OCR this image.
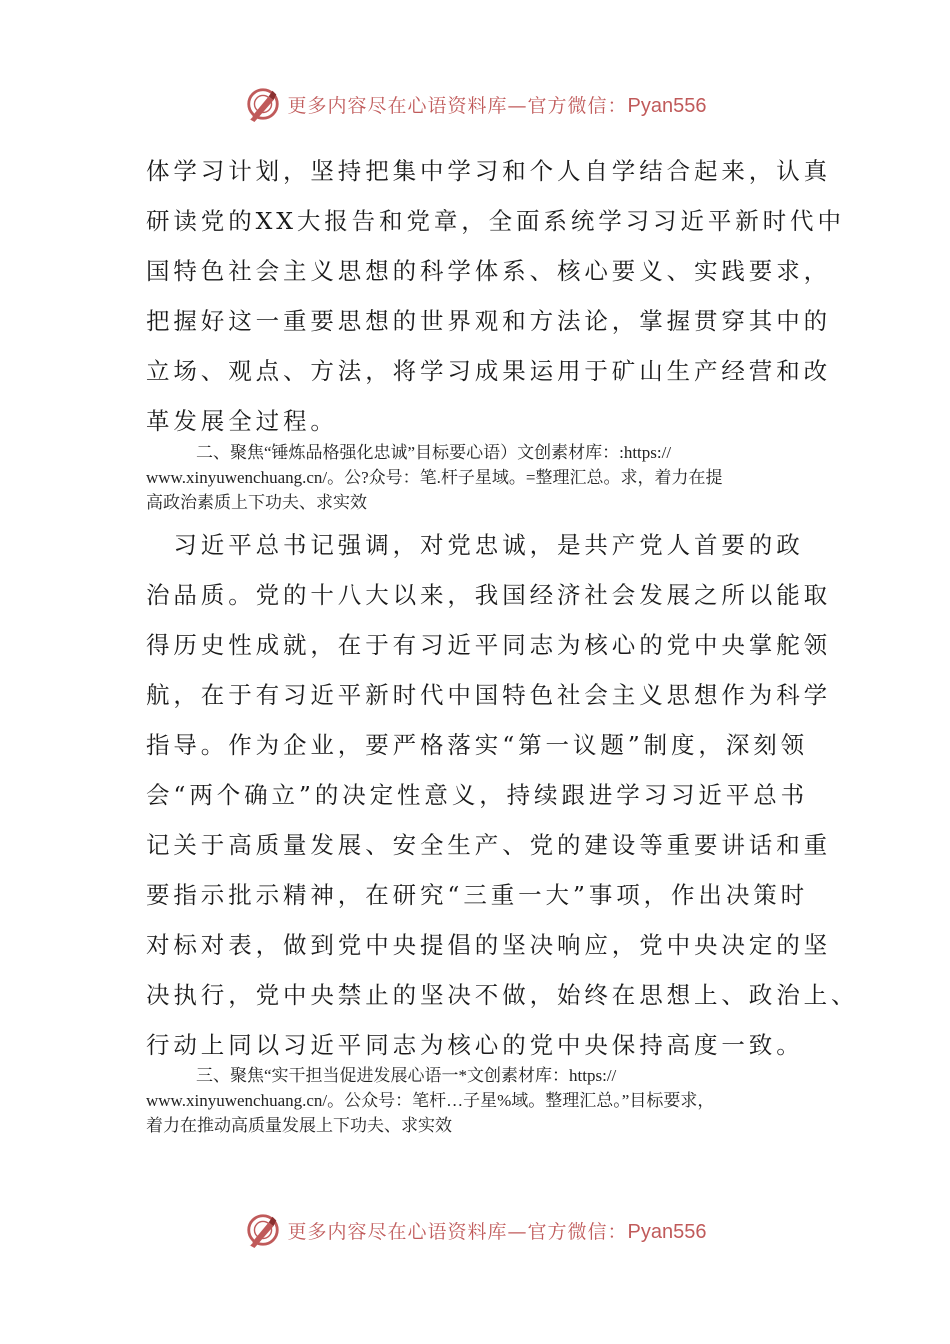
更多内容尽在心语资料库—官方微信：Pyan556
体学习计划，坚持把集中学习和个人自学结合起来，认真
研读党的XX大报告和党章，全面系统学习习近平新时代中
国特色社会主义思想的科学体系、核心要义、实践要求，
把握好这一重要思想的世界观和方法论，掌握贯穿其中的
立场、观点、方法，将学习成果运用于矿山生产经营和改
革发展全过程。
二、聚焦“锤炼品格强化忠诚”目标要心语）文创素材库：:https://
www.xinyuwenchuang.cn/。公?众号：笔.杆子星域。=整理汇总。求，着力在提
高政治素质上下功夫、求实效
　习近平总书记强调，对党忠诚，是共产党人首要的政
治品质。党的十八大以来，我国经济社会发展之所以能取
得历史性成就，在于有习近平同志为核心的党中央掌舵领
航，在于有习近平新时代中国特色社会主义思想作为科学
指导。作为企业，要严格落实“第一议题”制度，深刻领
会“两个确立”的决定性意义，持续跟进学习习近平总书
记关于高质量发展、安全生产、党的建设等重要讲话和重
要指示批示精神，在研究“三重一大”事项，作出决策时
对标对表，做到党中央提倡的坚决响应，党中央决定的坚
决执行，党中央禁止的坚决不做，始终在思想上、政治上、
行动上同以习近平同志为核心的党中央保持高度一致。
三、聚焦“实干担当促进发展心语一*文创素材库：https://
www.xinyuwenchuang.cn/。公众号：笔杆…子星%域。整理汇总。”目标要求，
着力在推动高质量发展上下功夫、求实效
更多内容尽在心语资料库—官方微信：Pyan556
